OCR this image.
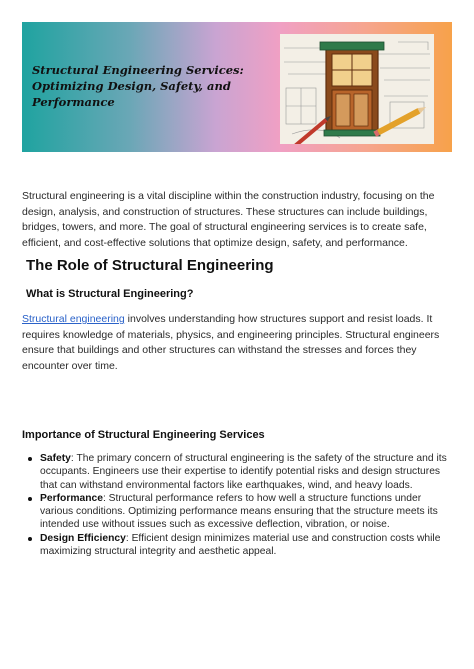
Structural Engineering Services: Optimizing Design, Safety, and Performance

Structural engineering is a vital discipline within the construction industry, focusing on the design, analysis, and construction of structures. These structures can include buildings, bridges, towers, and more. The goal of structural engineering services is to create safe, efficient, and cost-effective solutions that optimize design, safety, and performance.

The Role of Structural Engineering
What is Structural Engineering?

Structural engineering involves understanding how structures support and resist loads. It requires knowledge of materials, physics, and engineering principles. Structural engineers ensure that buildings and other structures can withstand the stresses and forces they encounter over time.

Importance of Structural Engineering Services
Safety: The primary concern of structural engineering is the safety of the structure and its occupants. Engineers use their expertise to identify potential risks and design structures that can withstand environmental factors like earthquakes, wind, and heavy loads.
Performance: Structural performance refers to how well a structure functions under various conditions. Optimizing performance means ensuring that the structure meets its intended use without issues such as excessive deflection, vibration, or noise.
Design Efficiency: Efficient design minimizes material use and construction costs while maximizing structural integrity and aesthetic appeal.
